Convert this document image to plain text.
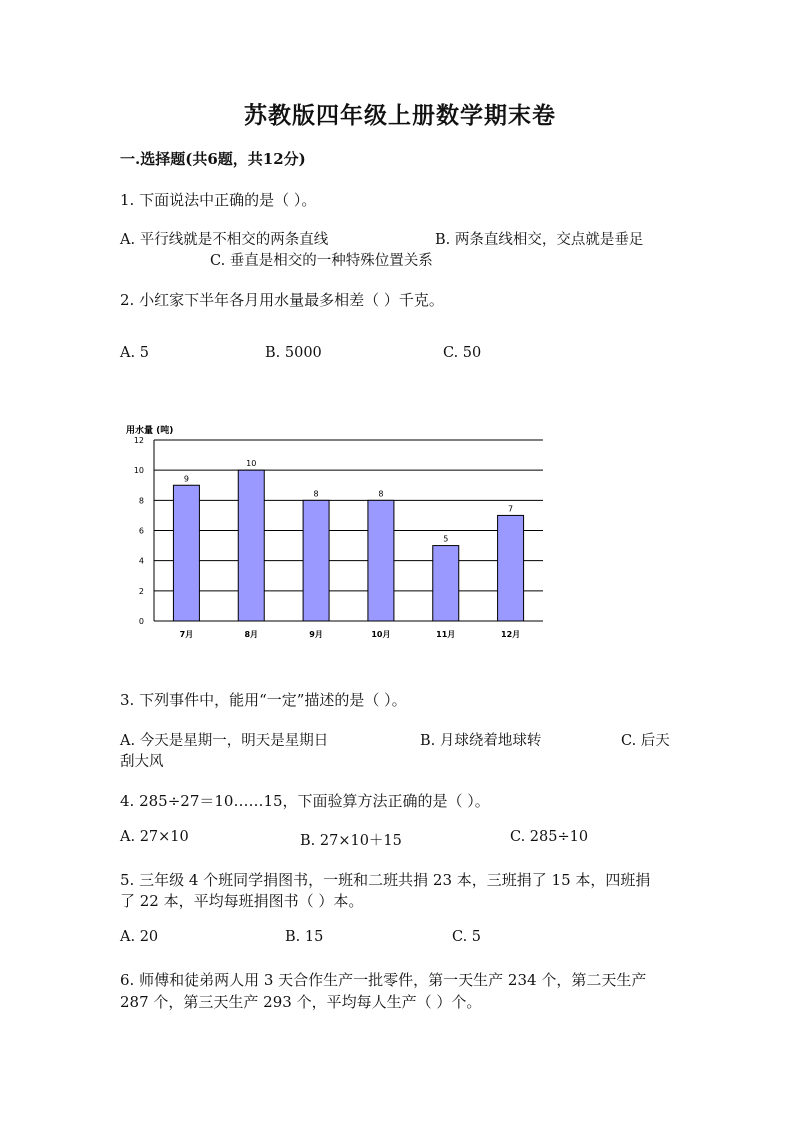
苏教版四年级上册数学期末卷
一.选择题(共6题，共12分)
1. 下面说法中正确的是（ ）。
A. 平行线就是不相交的两条直线	B. 两条直线相交，交点就是垂足
C. 垂直是相交的一种特殊位置关系
2. 小红家下半年各月用水量最多相差（ ）千克。
A. 5	B. 5000	C. 50
用水量 (吨)
0
2
4
6
8
10
12
9
7月
10
8月
8
9月
8
10月
5
11月
7
12月
3. 下列事件中，能用“一定”描述的是（ ）。
A. 今天是星期一，明天是星期日	B. 月球绕着地球转	C. 后天
刮大风
4. 285÷27＝10……15，下面验算方法正确的是（ ）。
A. 27×10	B. 27×10＋15	C. 285÷10
5. 三年级 4 个班同学捐图书，一班和二班共捐 23 本，三班捐了 15 本，四班捐
了 22 本，平均每班捐图书（ ）本。
A. 20	B. 15	C. 5
6. 师傅和徒弟两人用 3 天合作生产一批零件，第一天生产 234 个，第二天生产
287 个，第三天生产 293 个，平均每人生产（ ）个。
